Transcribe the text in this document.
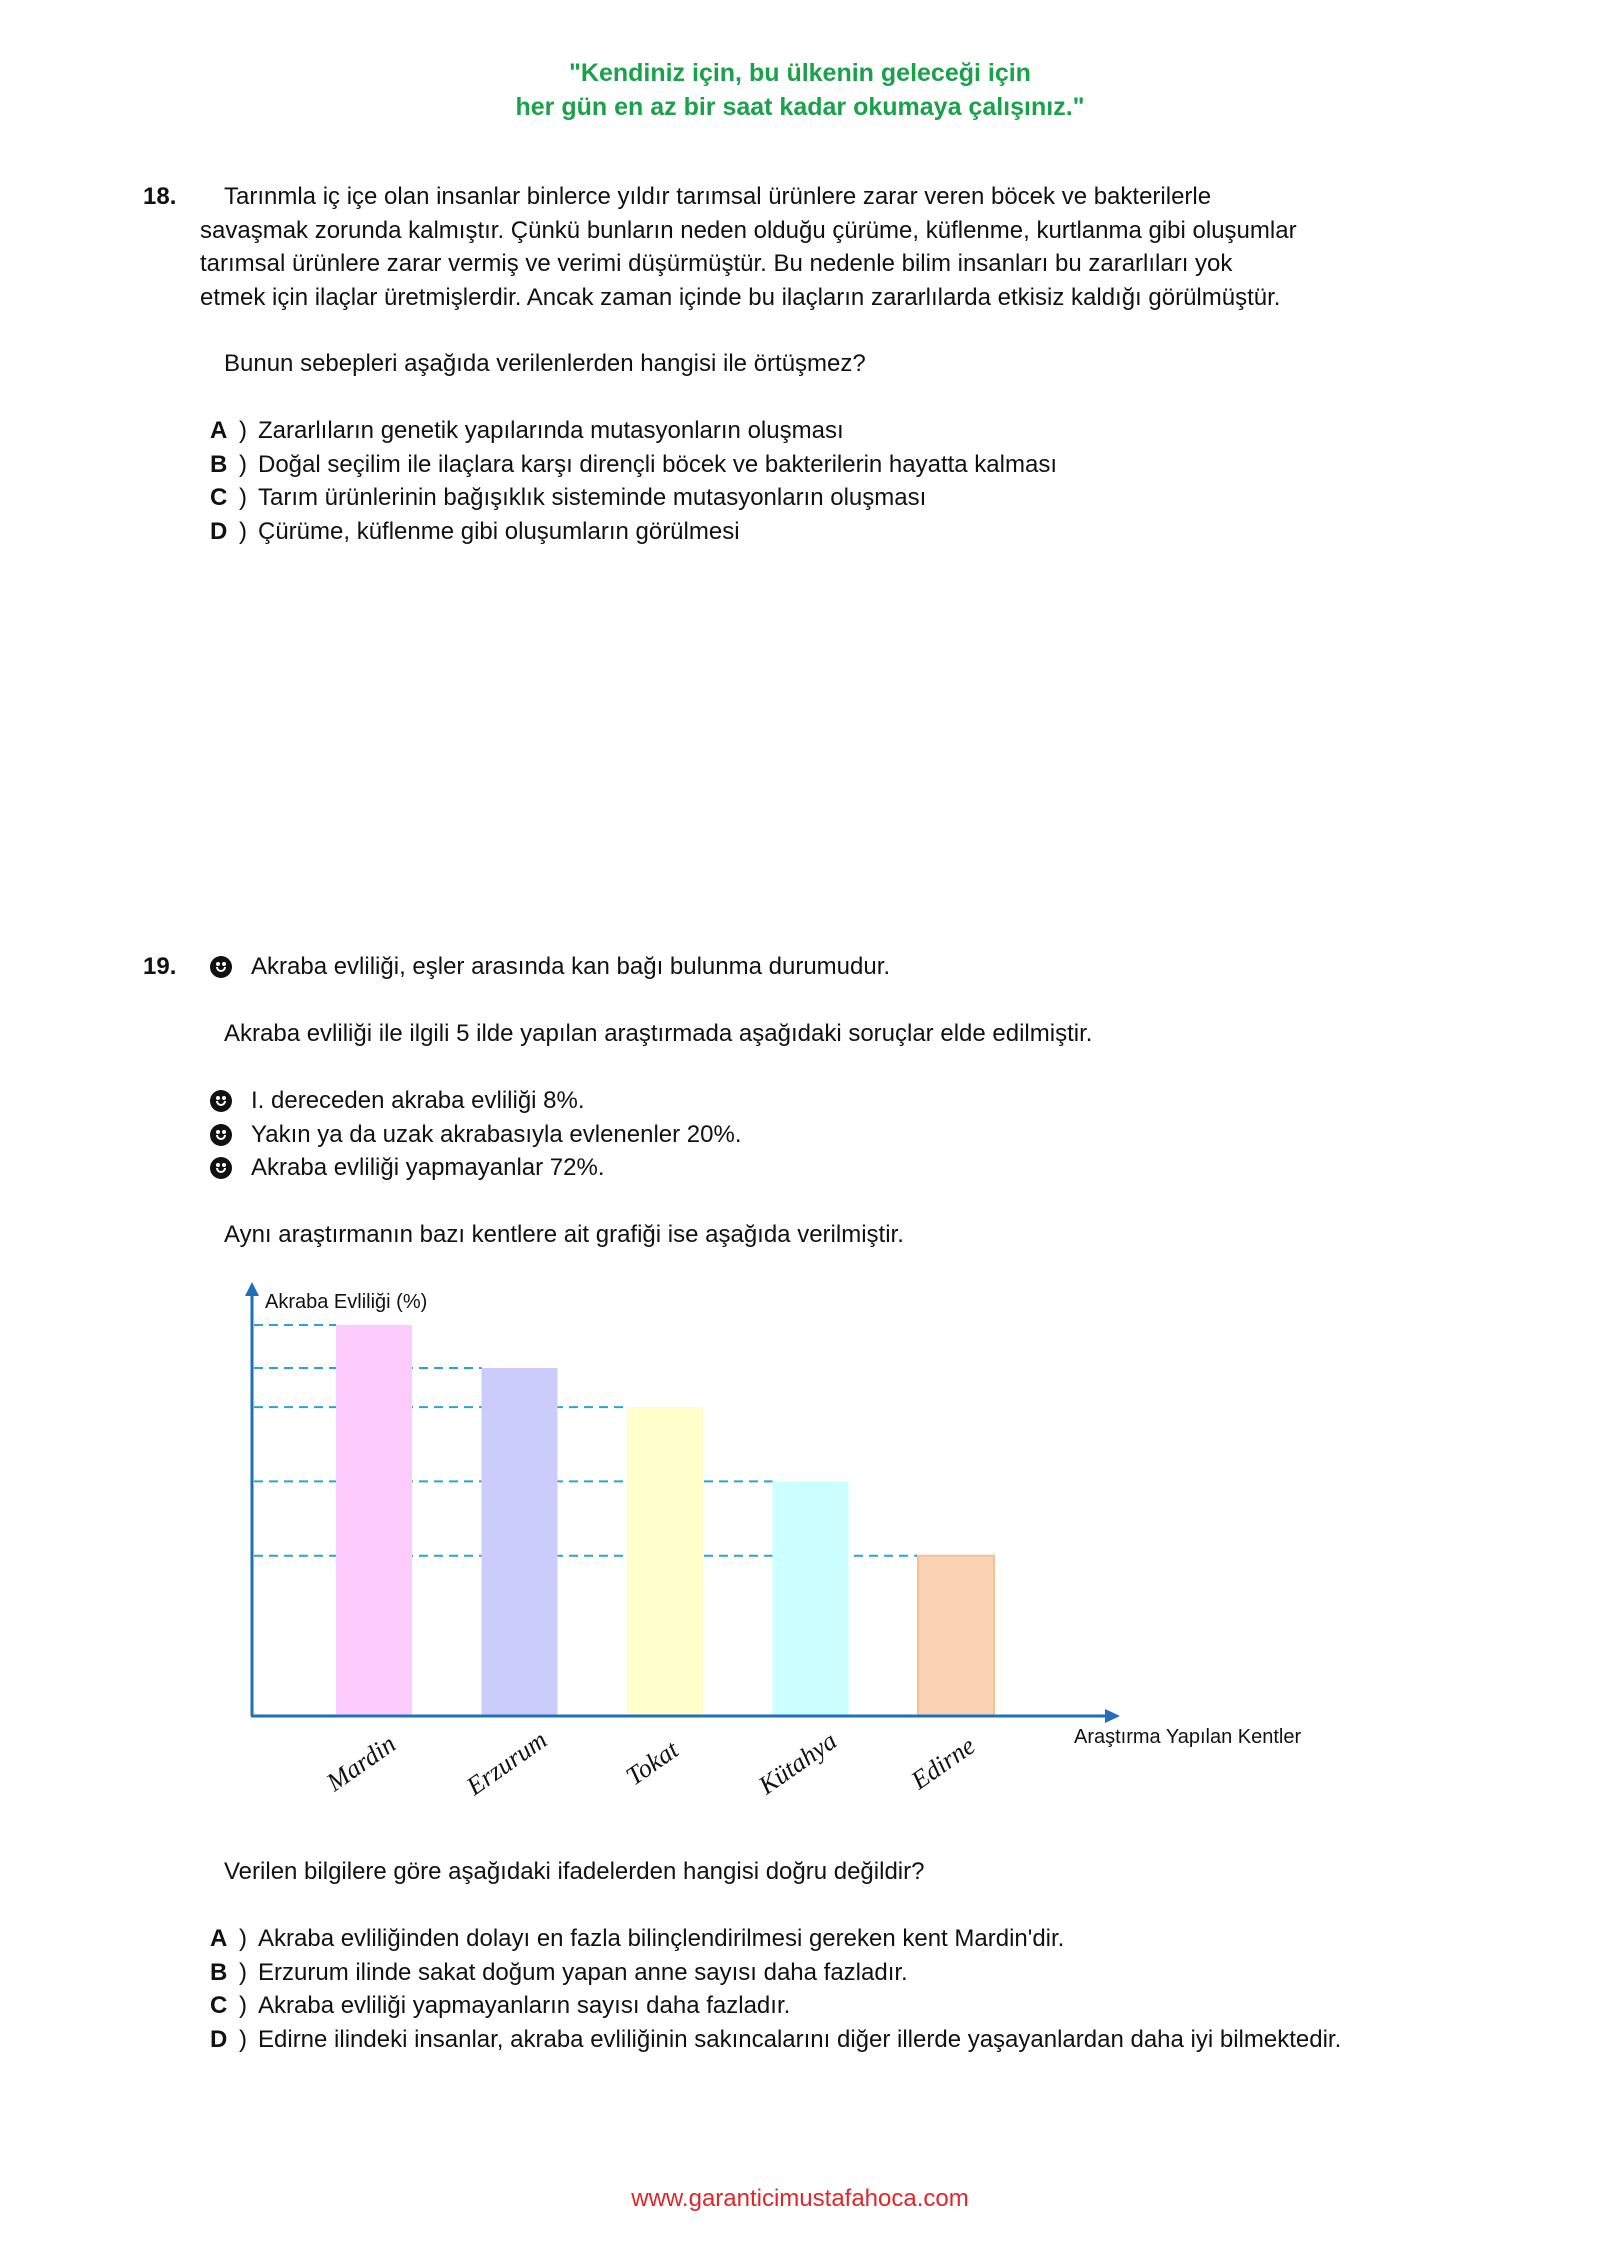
"Kendiniz için, bu ülkenin geleceği için
her gün en az bir saat kadar okumaya çalışınız."
18.	Tarınmla iç içe olan insanlar binlerce yıldır tarımsal ürünlere zarar veren böcek ve bakterilerle
savaşmak zorunda kalmıştır. Çünkü bunların neden olduğu çürüme, küflenme, kurtlanma gibi oluşumlar
tarımsal ürünlere zarar vermiş ve verimi düşürmüştür. Bu nedenle bilim insanları bu zararlıları yok
etmek için ilaçlar üretmişlerdir. Ancak zaman içinde bu ilaçların zararlılarda etkisiz kaldığı görülmüştür.
Bunun sebepleri aşağıda verilenlerden hangisi ile örtüşmez?
A ) Zararlıların genetik yapılarında mutasyonların oluşması
B ) Doğal seçilim ile ilaçlara karşı dirençli böcek ve bakterilerin hayatta kalması
C ) Tarım ürünlerinin bağışıklık sisteminde mutasyonların oluşması
D ) Çürüme, küflenme gibi oluşumların görülmesi
19.	Akraba evliliği, eşler arasında kan bağı bulunma durumudur.
Akraba evliliği ile ilgili 5 ilde yapılan araştırmada aşağıdaki soruçlar elde edilmiştir.
I. dereceden akraba evliliği 8%.
Yakın ya da uzak akrabasıyla evlenenler 20%.
Akraba evliliği yapmayanlar 72%.
Aynı araştırmanın bazı kentlere ait grafiği ise aşağıda verilmiştir.
Akraba Evliliği (%)
Araştırma Yapılan Kentler
Mardin Erzurum	Tokat	Kütahya Edirne
Verilen bilgilere göre aşağıdaki ifadelerden hangisi doğru değildir?
A ) Akraba evliliğinden dolayı en fazla bilinçlendirilmesi gereken kent Mardin'dir.
B ) Erzurum ilinde sakat doğum yapan anne sayısı daha fazladır.
C ) Akraba evliliği yapmayanların sayısı daha fazladır.
D ) Edirne ilindeki insanlar, akraba evliliğinin sakıncalarını diğer illerde yaşayanlardan daha iyi bilmektedir.
www.garanticimustafahoca.com
